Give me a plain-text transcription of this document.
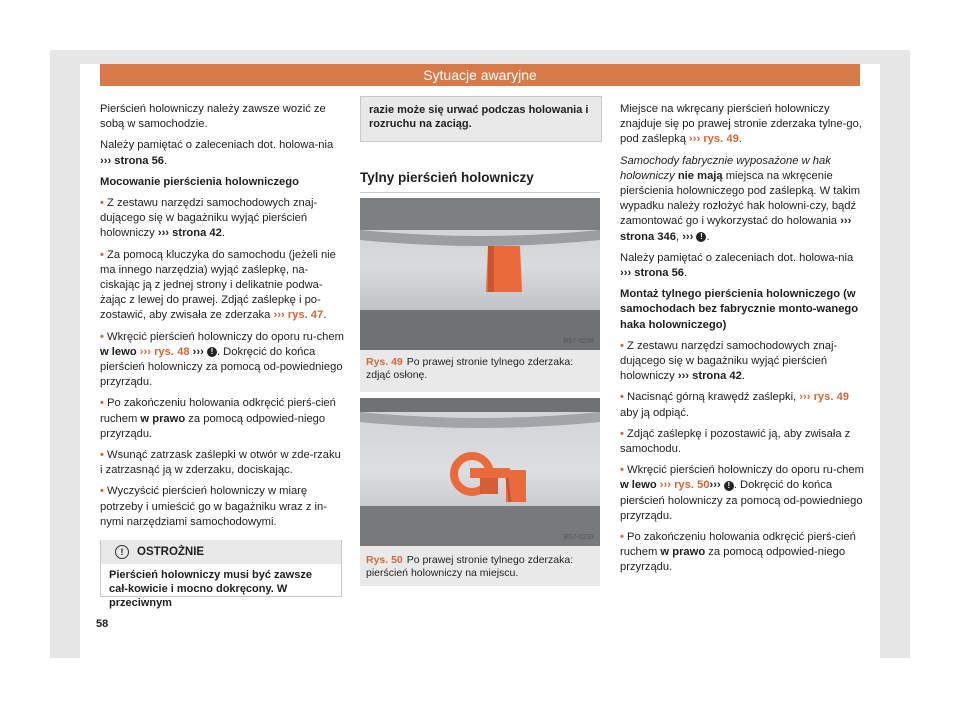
Sytuacje awaryjne

Pierścień holowniczy należy zawsze wozić ze sobą w samochodzie.

Należy pamiętać o zaleceniach dot. holowa-nia ››› strona 56.

Mocowanie pierścienia holowniczego

• Z zestawu narzędzi samochodowych znaj-dującego się w bagażniku wyjąć pierścień holowniczy ››› strona 42.

• Za pomocą kluczyka do samochodu (jeżeli nie ma innego narzędzia) wyjąć zaślepkę, na-ciskając ją z jednej strony i delikatnie podwa-żając z lewej do prawej. Zdjąć zaślepkę i po-zostawić, aby zwisała ze zderzaka ››› rys. 47.

• Wkręcić pierścień holowniczy do oporu ru-chem w lewo ››› rys. 48 ››› ! . Dokręcić do końca pierścień holowniczy za pomocą od-powiedniego przyrządu.

• Po zakończeniu holowania odkręcić pierś-cień ruchem w prawo za pomocą odpowied-niego przyrządu.

• Wsunąć zatrzask zaślepki w otwór w zde-rzaku i zatrzasnąć ją w zderzaku, dociskając.

• Wyczyścić pierścień holowniczy w miarę potrzeby i umieścić go w bagażniku wraz z in-nymi narzędziami samochodowymi.

! OSTROŻNIE
Pierścień holowniczy musi być zawsze cał-kowicie i mocno dokręcony. W przeciwnym
razie może się urwać podczas holowania i rozruchu na zaciąg.
Tylny pierścień holowniczy
B57-0234
Rys. 49 Po prawej stronie tylnego zderzaka: zdjąć osłonę.
B57-0233
Rys. 50 Po prawej stronie tylnego zderzaka: pierścień holowniczy na miejscu.

Miejsce na wkręcany pierścień holowniczy znajduje się po prawej stronie zderzaka tylne-go, pod zaślepką ››› rys. 49.

Samochody fabrycznie wyposażone w hak holowniczy nie mają miejsca na wkręcenie pierścienia holowniczego pod zaślepką. W takim wypadku należy rozłożyć hak holowni-czy, bądź zamontować go i wykorzystać do holowania ››› strona 346, ››› ! .

Należy pamiętać o zaleceniach dot. holowa-nia ››› strona 56.

Montaż tylnego pierścienia holowniczego (w samochodach bez fabrycznie monto-wanego haka holowniczego)

• Z zestawu narzędzi samochodowych znaj-dującego się w bagażniku wyjąć pierścień holowniczy ››› strona 42.

• Nacisnąć górną krawędź zaślepki, ››› rys. 49 aby ją odpiąć.

• Zdjąć zaślepkę i pozostawić ją, aby zwisała z samochodu.

• Wkręcić pierścień holowniczy do oporu ru-chem w lewo ››› rys. 50››› ! . Dokręcić do końca pierścień holowniczy za pomocą od-powiedniego przyrządu.

• Po zakończeniu holowania odkręcić pierś-cień ruchem w prawo za pomocą odpowied-niego przyrządu.

58
